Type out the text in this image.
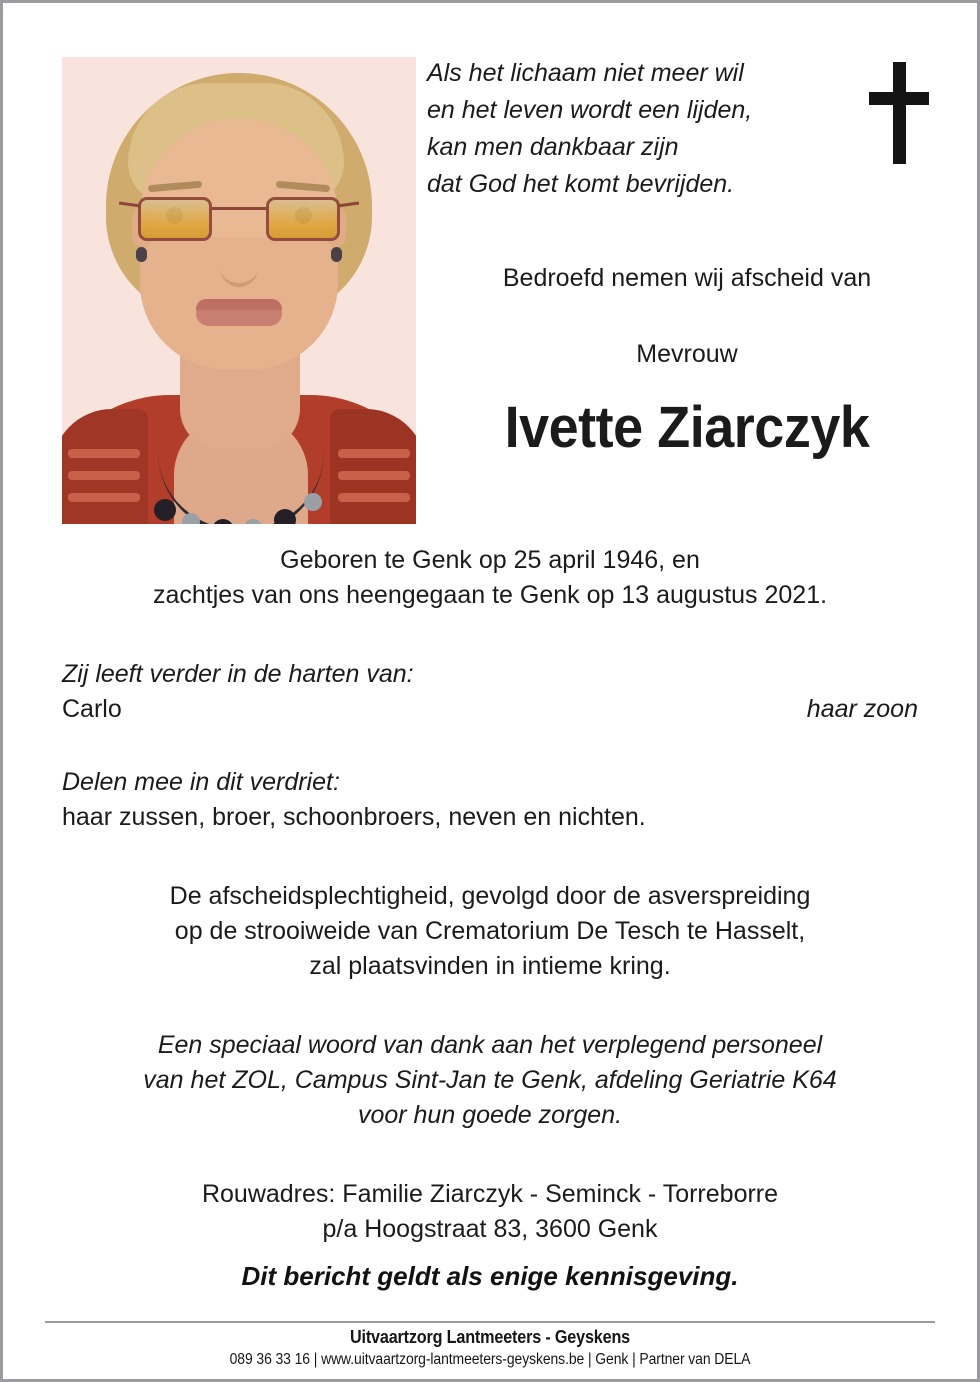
Als het lichaam niet meer wil
en het leven wordt een lijden,
kan men dankbaar zijn
dat God het komt bevrijden.
Bedroefd nemen wij afscheid van
Mevrouw
Ivette Ziarczyk
Geboren te Genk op 25 april 1946, en
zachtjes van ons heengegaan te Genk op 13 augustus 2021.
Zij leeft verder in de harten van:
Carlo	haar zoon
Delen mee in dit verdriet:
haar zussen, broer, schoonbroers, neven en nichten.
De afscheidsplechtigheid, gevolgd door de asverspreiding
op de strooiweide van Crematorium De Tesch te Hasselt,
zal plaatsvinden in intieme kring.
Een speciaal woord van dank aan het verplegend personeel
van het ZOL, Campus Sint-Jan te Genk, afdeling Geriatrie K64
voor hun goede zorgen.
Rouwadres: Familie Ziarczyk - Seminck - Torreborre
p/a Hoogstraat 83, 3600 Genk
Dit bericht geldt als enige kennisgeving.
Uitvaartzorg Lantmeeters - Geyskens
089 36 33 16 | www.uitvaartzorg-lantmeeters-geyskens.be | Genk | Partner van DELA
